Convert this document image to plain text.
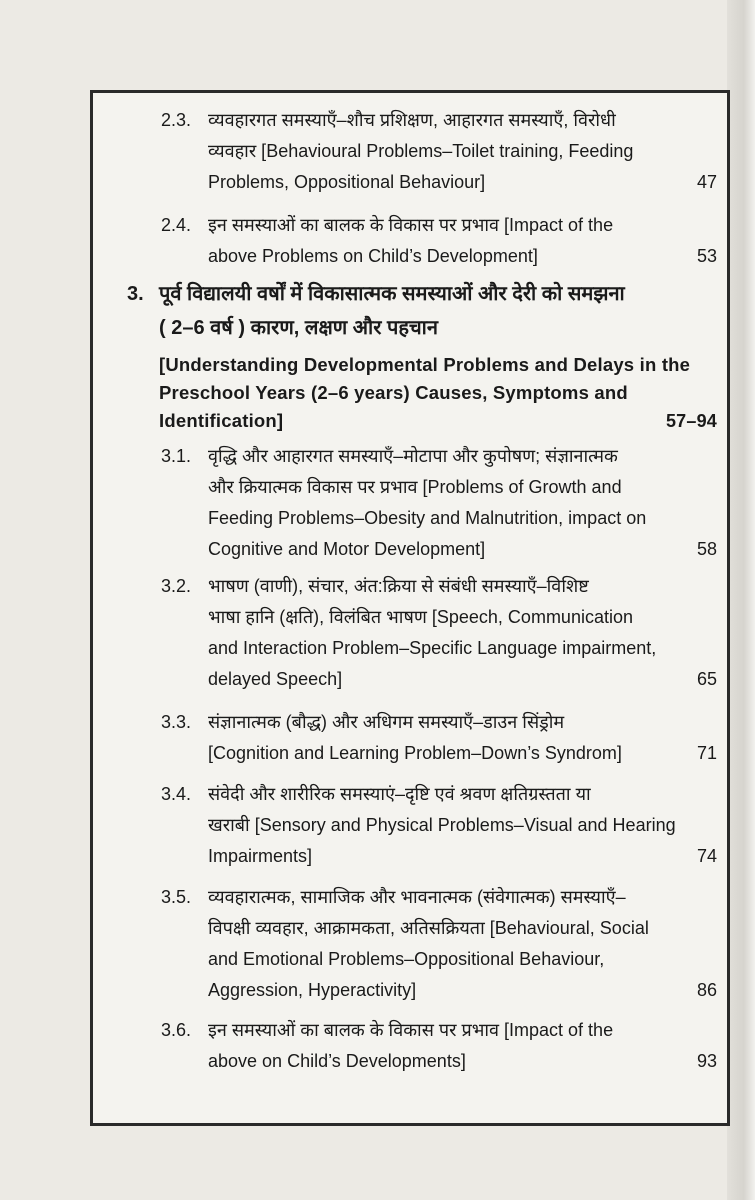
2.3. व्यवहारगत समस्याएँ–शौच प्रशिक्षण, आहारगत समस्याएँ, विरोधी
व्यवहार [Behavioural Problems–Toilet training, Feeding
Problems, Oppositional Behaviour]	47
2.4. इन समस्याओं का बालक के विकास पर प्रभाव [Impact of the
above Problems on Child’s Development]	53
3. पूर्व विद्यालयी वर्षों में विकासात्मक समस्याओं और देरी को समझना
( 2–6 वर्ष ) कारण, लक्षण और पहचान
[Understanding Developmental Problems and Delays in the
Preschool Years (2–6 years) Causes, Symptoms and
Identification]	57–94
3.1. वृद्धि और आहारगत समस्याएँ–मोटापा और कुपोषण; संज्ञानात्मक
और क्रियात्मक विकास पर प्रभाव [Problems of Growth and
Feeding Problems–Obesity and Malnutrition, impact on
Cognitive and Motor Development]	58
3.2. भाषण (वाणी), संचार, अंत:क्रिया से संबंधी समस्याएँ–विशिष्ट
भाषा हानि (क्षति), विलंबित भाषण [Speech, Communication
and Interaction Problem–Specific Language impairment,
delayed Speech]	65
3.3. संज्ञानात्मक (बौद्ध) और अधिगम समस्याएँ–डाउन सिंड्रोम
[Cognition and Learning Problem–Down’s Syndrom]	71
3.4. संवेदी और शारीरिक समस्याएं–दृष्टि एवं श्रवण क्षतिग्रस्तता या
खराबी [Sensory and Physical Problems–Visual and Hearing
Impairments]	74
3.5. व्यवहारात्मक, सामाजिक और भावनात्मक (संवेगात्मक) समस्याएँ–
विपक्षी व्यवहार, आक्रामकता, अतिसक्रियता [Behavioural, Social
and Emotional Problems–Oppositional Behaviour,
Aggression, Hyperactivity]	86
3.6. इन समस्याओं का बालक के विकास पर प्रभाव [Impact of the
above on Child’s Developments]	93
